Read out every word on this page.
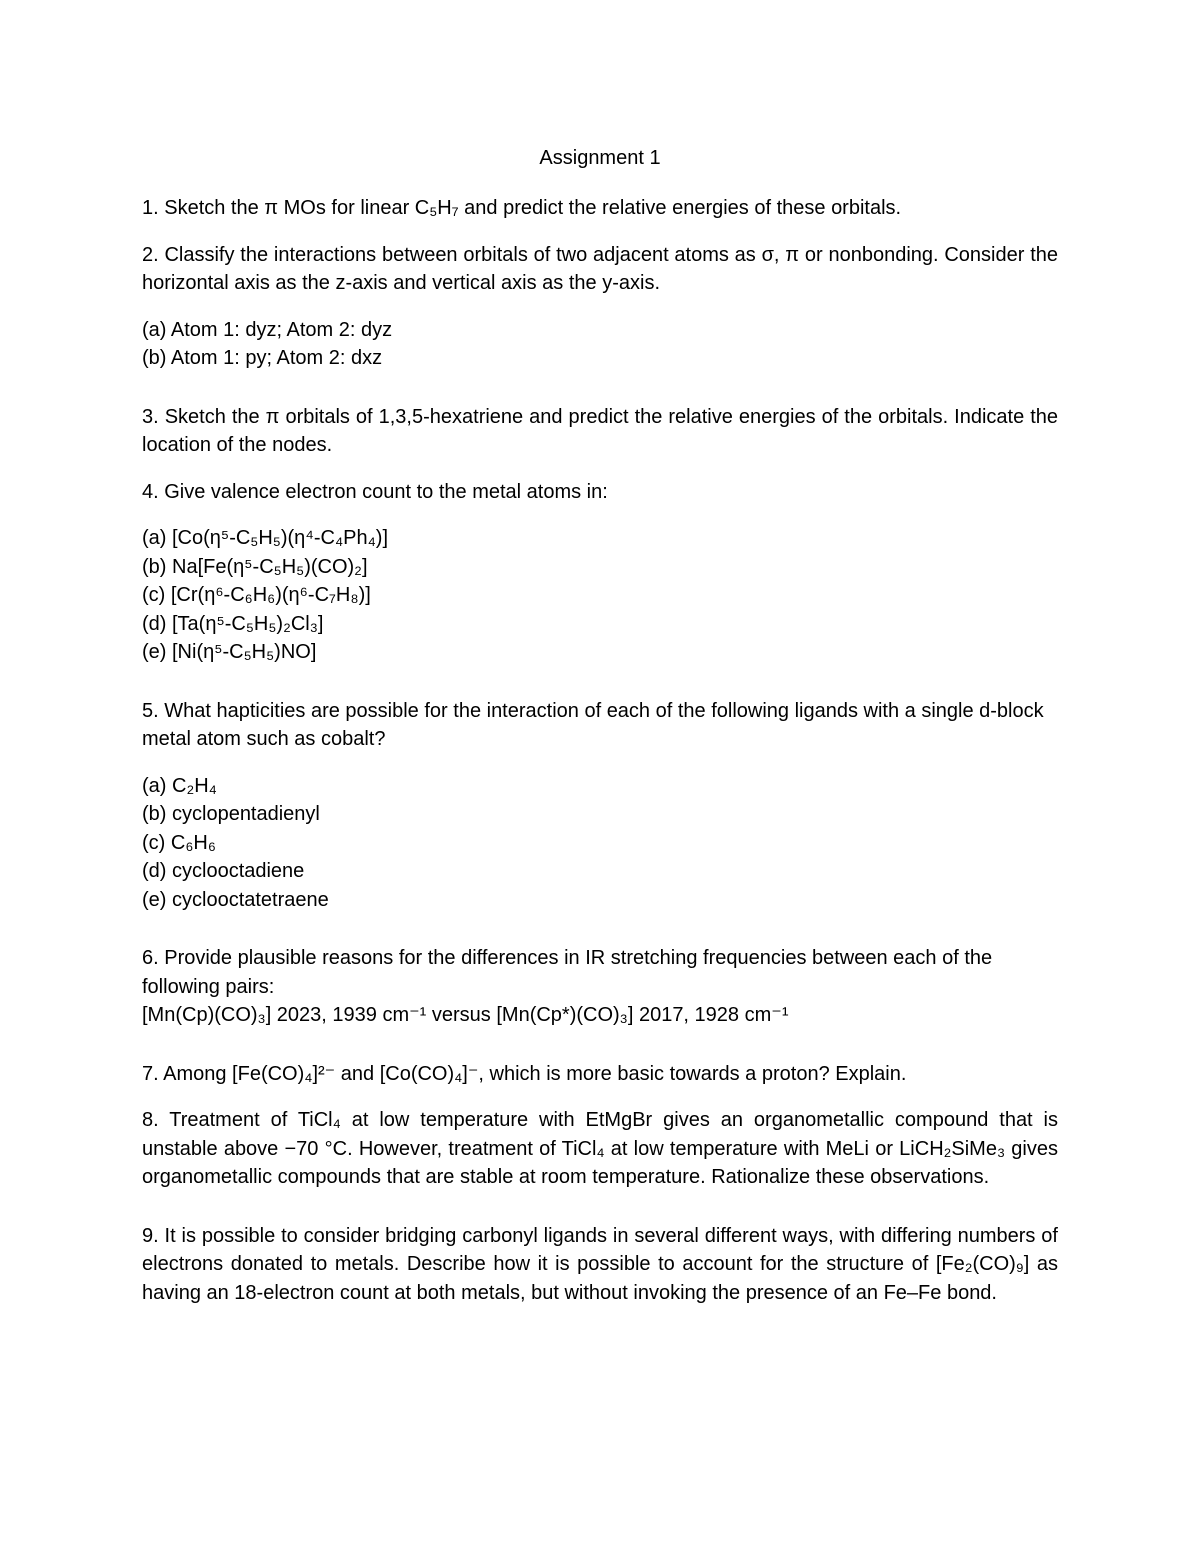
Assignment 1

1. Sketch the π MOs for linear C₅H₇ and predict the relative energies of these orbitals.

2. Classify the interactions between orbitals of two adjacent atoms as σ, π or nonbonding. Consider the horizontal axis as the z-axis and vertical axis as the y-axis.

(a) Atom 1: dyz; Atom 2: dyz
(b) Atom 1: py; Atom 2: dxz

3. Sketch the π orbitals of 1,3,5-hexatriene and predict the relative energies of the orbitals. Indicate the location of the nodes.

4. Give valence electron count to the metal atoms in:

(a) [Co(η⁵-C₅H₅)(η⁴-C₄Ph₄)]
(b) Na[Fe(η⁵-C₅H₅)(CO)₂]
(c) [Cr(η⁶-C₆H₆)(η⁶-C₇H₈)]
(d) [Ta(η⁵-C₅H₅)₂Cl₃]
(e) [Ni(η⁵-C₅H₅)NO]

5. What hapticities are possible for the interaction of each of the following ligands with a single d-block metal atom such as cobalt?

(a) C₂H₄
(b) cyclopentadienyl
(c) C₆H₆
(d) cyclooctadiene
(e) cyclooctatetraene

6. Provide plausible reasons for the differences in IR stretching frequencies between each of the following pairs:

[Mn(Cp)(CO)₃] 2023, 1939 cm⁻¹ versus [Mn(Cp*)(CO)₃] 2017, 1928 cm⁻¹

7. Among [Fe(CO)₄]²⁻ and [Co(CO)₄]⁻, which is more basic towards a proton? Explain.

8. Treatment of TiCl₄ at low temperature with EtMgBr gives an organometallic compound that is unstable above −70 °C. However, treatment of TiCl₄ at low temperature with MeLi or LiCH₂SiMe₃ gives organometallic compounds that are stable at room temperature. Rationalize these observations.

9. It is possible to consider bridging carbonyl ligands in several different ways, with differing numbers of electrons donated to metals. Describe how it is possible to account for the structure of [Fe₂(CO)₉] as having an 18-electron count at both metals, but without invoking the presence of an Fe–Fe bond.
